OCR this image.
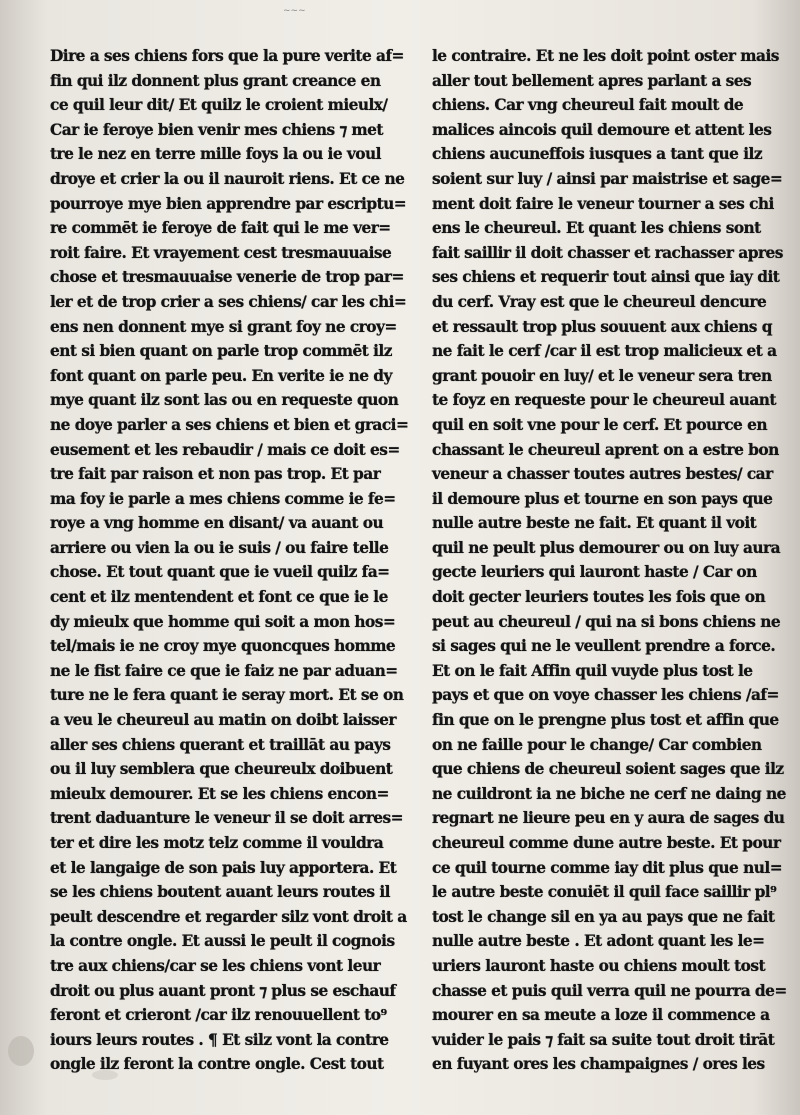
~~~
Dire a ses chiens fors que la pure verite af=
fin qui ilz donnent plus grant creance en
ce quil leur dit/ Et quilz le croient mieulx/
Car ie feroye bien venir mes chiens ⁊ met
tre le nez en terre mille foys la ou ie voul
droye et crier la ou il nauroit riens. Et ce ne
pourroye mye bien apprendre par escriptu=
re commēt ie feroye de fait qui le me ver=
roit faire. Et vrayement cest tresmauuaise
chose et tresmauuaise venerie de trop par=
ler et de trop crier a ses chiens/ car les chi=
ens nen donnent mye si grant foy ne croy=
ent si bien quant on parle trop commēt ilz
font quant on parle peu. En verite ie ne dy
mye quant ilz sont las ou en requeste quon
ne doye parler a ses chiens et bien et graci=
eusement et les rebaudir / mais ce doit es=
tre fait par raison et non pas trop. Et par
ma foy ie parle a mes chiens comme ie fe=
roye a vng homme en disant/ va auant ou
arriere ou vien la ou ie suis / ou faire telle
chose. Et tout quant que ie vueil quilz fa=
cent et ilz mentendent et font ce que ie le
dy mieulx que homme qui soit a mon hos=
tel/mais ie ne croy mye quoncques homme
ne le fist faire ce que ie faiz ne par aduan=
ture ne le fera quant ie seray mort. Et se on
a veu le cheureul au matin on doibt laisser
aller ses chiens querant et traillāt au pays
ou il luy semblera que cheureulx doibuent
mieulx demourer. Et se les chiens encon=
trent daduanture le veneur il se doit arres=
ter et dire les motz telz comme il vouldra
et le langaige de son pais luy apportera. Et
se les chiens boutent auant leurs routes il
peult descendre et regarder silz vont droit a
la contre ongle. Et aussi le peult il cognois
tre aux chiens/car se les chiens vont leur
droit ou plus auant pront ⁊ plus se eschauf
feront et crieront /car ilz renouuellent to⁹
iours leurs routes . ¶ Et silz vont la contre
ongle ilz feront la contre ongle. Cest tout
le contraire. Et ne les doit point oster mais
aller tout bellement apres parlant a ses
chiens. Car vng cheureul fait moult de
malices aincois quil demoure et attent les
chiens aucuneffois iusques a tant que ilz
soient sur luy / ainsi par maistrise et sage=
ment doit faire le veneur tourner a ses chi
ens le cheureul. Et quant les chiens sont
fait saillir il doit chasser et rachasser apres
ses chiens et requerir tout ainsi que iay dit
du cerf. Vray est que le cheureul dencure
et ressault trop plus souuent aux chiens q
ne fait le cerf /car il est trop malicieux et a
grant pouoir en luy/ et le veneur sera tren
te foyz en requeste pour le cheureul auant
quil en soit vne pour le cerf. Et pource en
chassant le cheureul aprent on a estre bon
veneur a chasser toutes autres bestes/ car
il demoure plus et tourne en son pays que
nulle autre beste ne fait. Et quant il voit
quil ne peult plus demourer ou on luy aura
gecte leuriers qui lauront haste / Car on
doit gecter leuriers toutes les fois que on
peut au cheureul / qui na si bons chiens ne
si sages qui ne le veullent prendre a force.
Et on le fait Affin quil vuyde plus tost le
pays et que on voye chasser les chiens /af=
fin que on le prengne plus tost et affin que
on ne faille pour le change/ Car combien
que chiens de cheureul soient sages que ilz
ne cuildront ia ne biche ne cerf ne daing ne
regnart ne lieure peu en y aura de sages du
cheureul comme dune autre beste. Et pour
ce quil tourne comme iay dit plus que nul=
le autre beste conuiēt il quil face saillir pl⁹
tost le change sil en ya au pays que ne fait
nulle autre beste . Et adont quant les le=
uriers lauront haste ou chiens moult tost
chasse et puis quil verra quil ne pourra de=
mourer en sa meute a loze il commence a
vuider le pais ⁊ fait sa suite tout droit tirāt
en fuyant ores les champaignes / ores les
